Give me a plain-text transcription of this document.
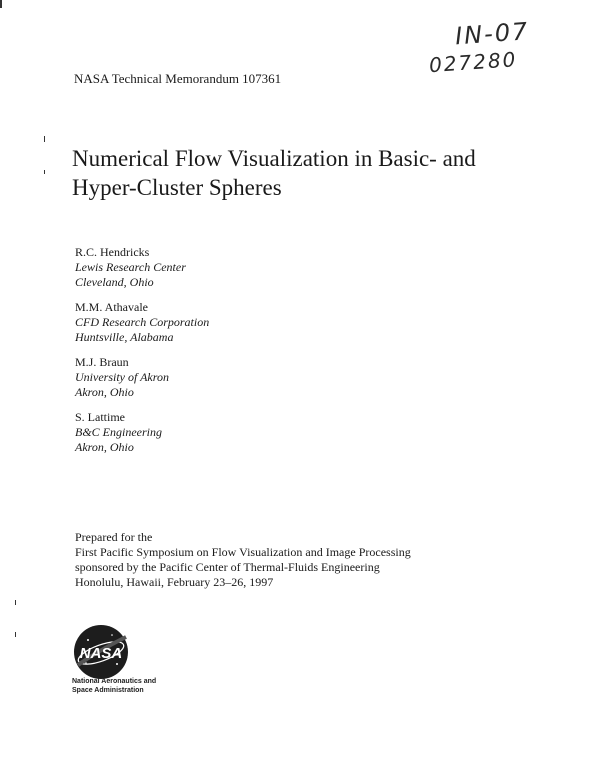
IN-07
027280
NASA Technical Memorandum 107361
Numerical Flow Visualization in Basic- and
Hyper-Cluster Spheres
R.C. Hendricks
Lewis Research Center
Cleveland, Ohio
M.M. Athavale
CFD Research Corporation
Huntsville, Alabama
M.J. Braun
University of Akron
Akron, Ohio
S. Lattime
B&C Engineering
Akron, Ohio
Prepared for the
First Pacific Symposium on Flow Visualization and Image Processing
sponsored by the Pacific Center of Thermal-Fluids Engineering
Honolulu, Hawaii, February 23–26, 1997
NASA
National Aeronautics and
Space Administration
